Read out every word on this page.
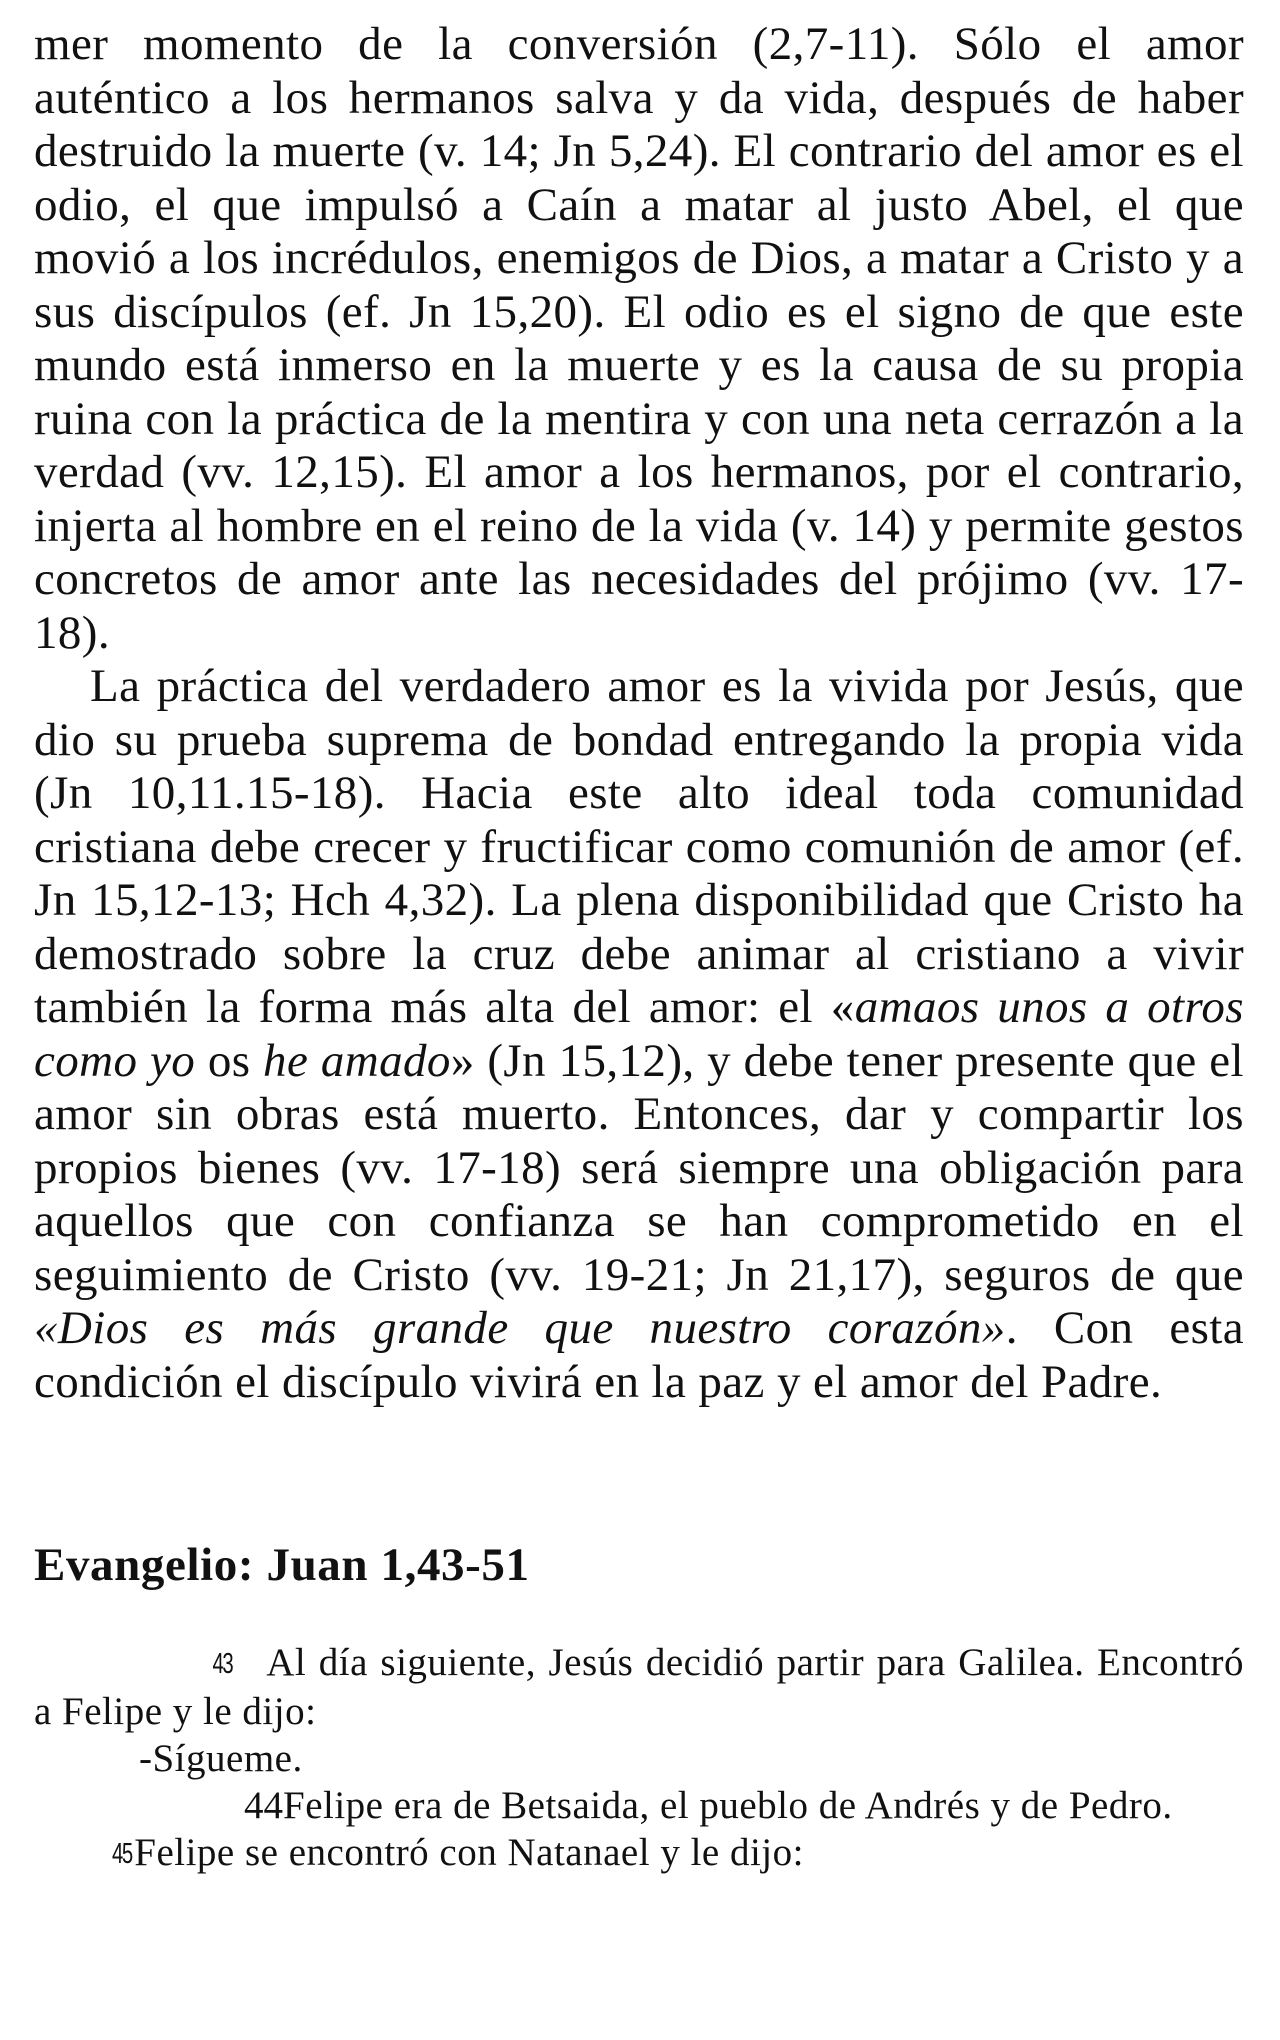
mer momento de la conversión (2,7-11). Sólo el amor auténtico a los hermanos salva y da vida, después de haber destruido la muerte (v. 14; Jn 5,24). El contrario del amor es el odio, el que impulsó a Caín a matar al justo Abel, el que movió a los incrédulos, enemigos de Dios, a matar a Cristo y a sus discípulos (ef. Jn 15,20). El odio es el signo de que este mundo está inmerso en la muerte y es la causa de su propia ruina con la práctica de la mentira y con una neta cerrazón a la verdad (vv. 12,15). El amor a los hermanos, por el contrario, injerta al hombre en el reino de la vida (v. 14) y permite gestos concretos de amor ante las necesidades del prójimo (vv. 17-18).

La práctica del verdadero amor es la vivida por Jesús, que dio su prueba suprema de bondad entregando la propia vida (Jn 10,11.15-18). Hacia este alto ideal toda comunidad cristiana debe crecer y fructificar como comunión de amor (ef. Jn 15,12-13; Hch 4,32). La plena disponibilidad que Cristo ha demostrado sobre la cruz debe animar al cristiano a vivir también la forma más alta del amor: el «amaos unos a otros como yo os he amado» (Jn 15,12), y debe tener presente que el amor sin obras está muerto. Entonces, dar y compartir los propios bienes (vv. 17-18) será siempre una obligación para aquellos que con confianza se han comprometido en el seguimiento de Cristo (vv. 19-21; Jn 21,17), seguros de que «Dios es más grande que nuestro corazón». Con esta condición el discípulo vivirá en la paz y el amor del Padre.

Evangelio: Juan 1,43-51

43 Al día siguiente, Jesús decidió partir para Galilea. Encontró a Felipe y le dijo:

-Sígueme.

44Felipe era de Betsaida, el pueblo de Andrés y de Pedro.

45Felipe se encontró con Natanael y le dijo:
